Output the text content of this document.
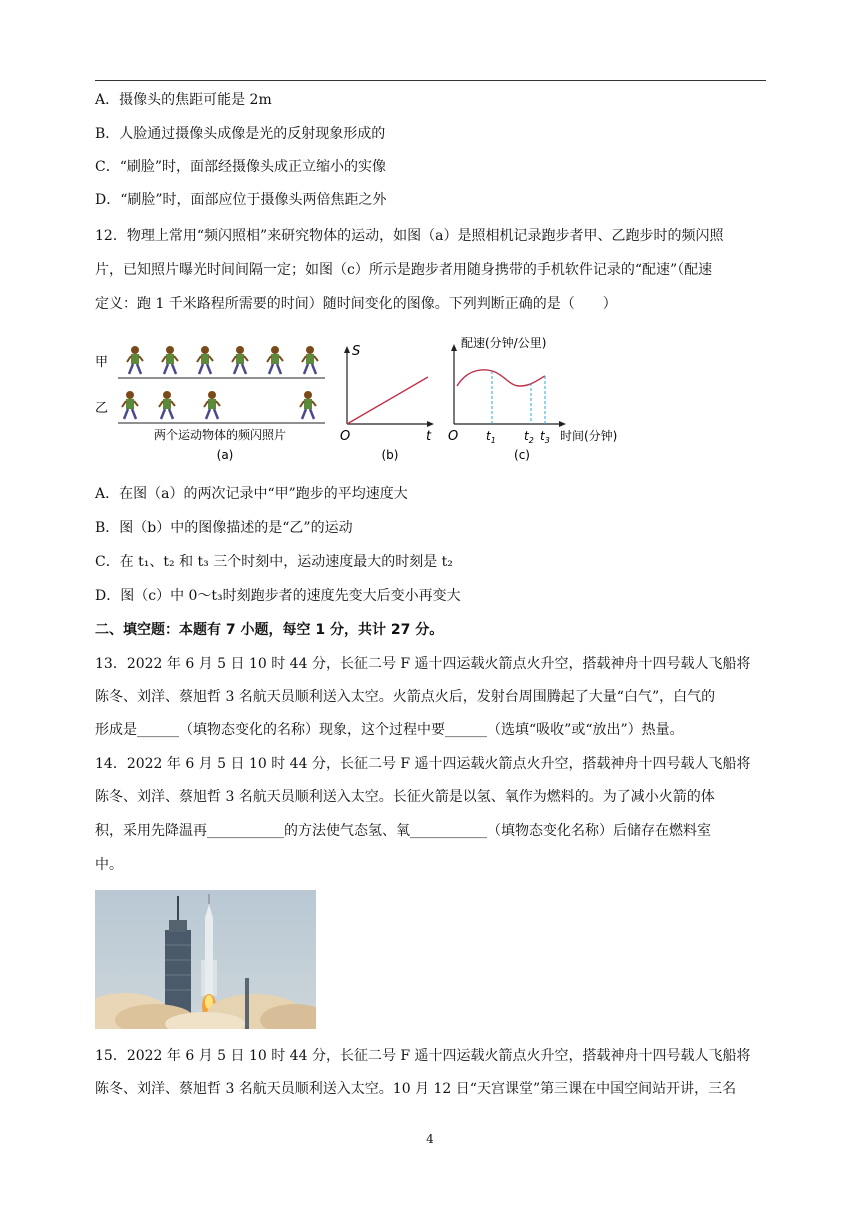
A．摄像头的焦距可能是 2m
B．人脸通过摄像头成像是光的反射现象形成的
C．“刷脸”时，面部经摄像头成正立缩小的实像
D．“刷脸”时，面部应位于摄像头两倍焦距之外
12．物理上常用“频闪照相”来研究物体的运动，如图（a）是照相机记录跑步者甲、乙跑步时的频闪照
片，已知照片曝光时间间隔一定；如图（c）所示是跑步者用随身携带的手机软件记录的“配速”（配速
定义：跑 1 千米路程所需要的时间）随时间变化的图像。下列判断正确的是（　　）
甲
乙
两个运动物体的频闪照片
(a)
S
t
O
(b)
配速(分钟/公里)
O $t_1$ $t_2$ $t_3$ 时间(分钟)
(c)
A．在图（a）的两次记录中“甲”跑步的平均速度大
B．图（b）中的图像描述的是“乙”的运动
C．在 t₁、t₂ 和 t₃ 三个时刻中，运动速度最大的时刻是 t₂
D．图（c）中 0～t₃时刻跑步者的速度先变大后变小再变大
二、填空题：本题有 7 小题，每空 1 分，共计 27 分。
13．2022 年 6 月 5 日 10 时 44 分，长征二号 F 遥十四运载火箭点火升空，搭载神舟十四号载人飞船将
陈冬、刘洋、蔡旭哲 3 名航天员顺利送入太空。火箭点火后，发射台周围腾起了大量“白气”，白气的
形成是______（填物态变化的名称）现象，这个过程中要______（选填“吸收”或“放出”）热量。
14．2022 年 6 月 5 日 10 时 44 分，长征二号 F 遥十四运载火箭点火升空，搭载神舟十四号载人飞船将
陈冬、刘洋、蔡旭哲 3 名航天员顺利送入太空。长征火箭是以氢、氧作为燃料的。为了减小火箭的体
积，采用先降温再___________的方法使气态氢、氧___________（填物态变化名称）后储存在燃料室
中。
15．2022 年 6 月 5 日 10 时 44 分，长征二号 F 遥十四运载火箭点火升空，搭载神舟十四号载人飞船将
陈冬、刘洋、蔡旭哲 3 名航天员顺利送入太空。10 月 12 日“天宫课堂”第三课在中国空间站开讲，三名
4
